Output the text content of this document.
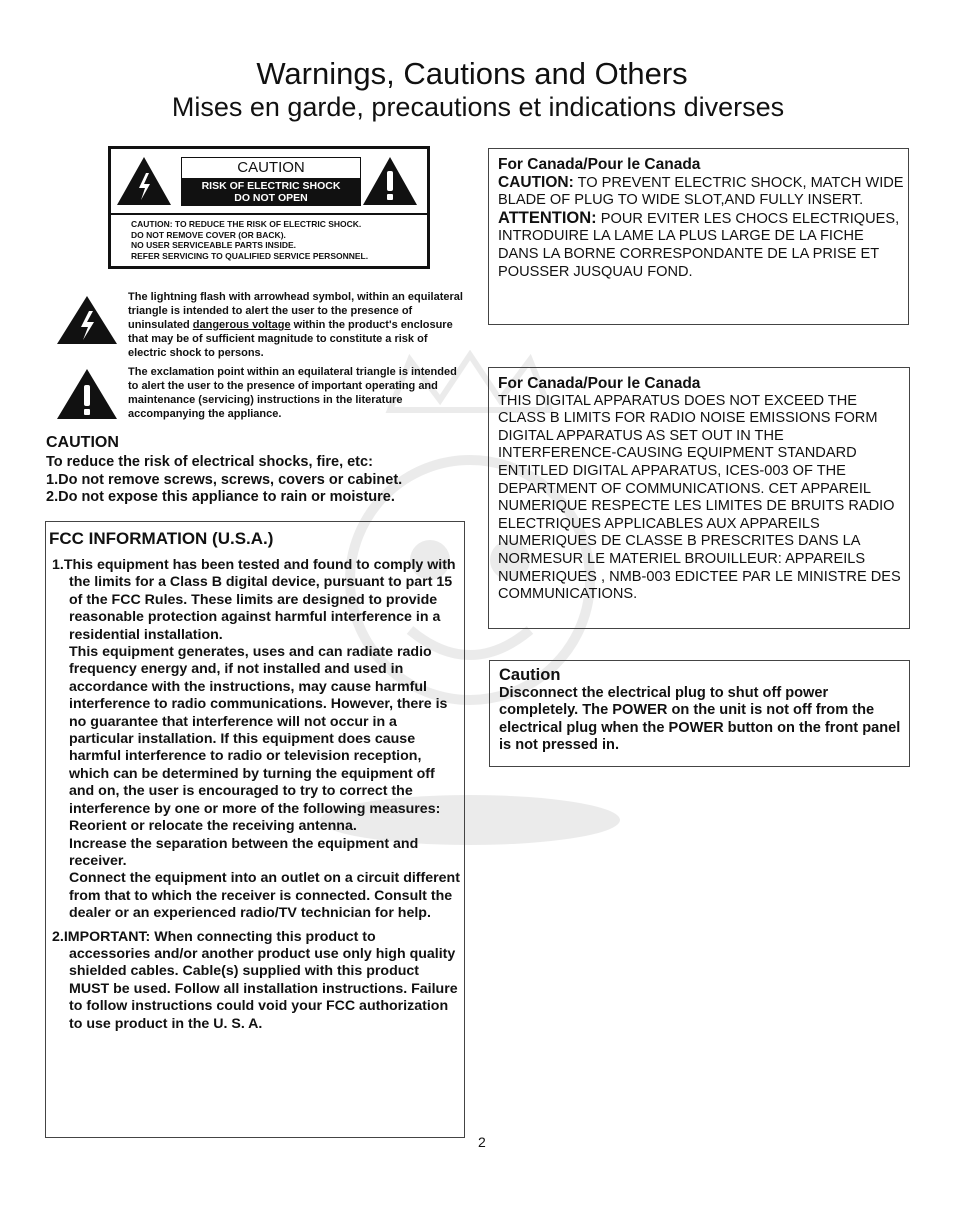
Warnings, Cautions and Others
Mises en garde, precautions et indications diverses
CAUTION
RISK OF ELECTRIC SHOCK
DO NOT OPEN
CAUTION: TO REDUCE THE RISK OF ELECTRIC SHOCK.
DO NOT REMOVE COVER (OR BACK).
NO USER SERVICEABLE PARTS INSIDE.
REFER SERVICING TO QUALIFIED SERVICE PERSONNEL.
The lightning flash with arrowhead symbol, within an equilateral triangle is intended to alert the user to the presence of uninsulated dangerous voltage within the product's enclosure that may be of sufficient magnitude to constitute a risk of electric shock to persons.
The exclamation point within an equilateral triangle is intended to alert the user to the presence of important operating and maintenance (servicing) instructions in the literature accompanying the appliance.
CAUTION
To reduce the risk of electrical shocks, fire, etc:
1.Do not remove screws, screws, covers or cabinet.
2.Do not expose this appliance to rain or moisture.
FCC INFORMATION (U.S.A.)

1.This equipment has been tested and found to comply with the limits for a Class B digital device, pursuant to part 15 of the FCC Rules. These limits are designed to provide reasonable protection against harmful interference in a residential installation.

This equipment generates, uses and can radiate radio frequency energy and, if not installed and used in accordance with the instructions, may cause harmful interference to radio communications. However, there is no guarantee that interference will not occur in a particular installation. If this equipment does cause harmful interference to radio or television reception, which can be determined by turning the equipment off and on, the user is encouraged to try to correct the interference by one or more of the following measures:

Reorient or relocate the receiving antenna.

Increase the separation between the equipment and receiver.

Connect the equipment into an outlet on a circuit different from that to which the receiver is connected. Consult the dealer or an experienced radio/TV technician for help.

2.IMPORTANT: When connecting this product to accessories and/or another product use only high quality shielded cables. Cable(s) supplied with this product MUST be used. Follow all installation instructions. Failure to follow instructions could void your FCC authorization to use product in the U. S. A.

For Canada/Pour le Canada
CAUTION: TO PREVENT ELECTRIC SHOCK, MATCH WIDE BLADE OF PLUG TO WIDE SLOT,AND FULLY INSERT.
ATTENTION: POUR EVITER LES CHOCS ELECTRIQUES, INTRODUIRE LA LAME LA PLUS LARGE DE LA FICHE DANS LA BORNE CORRESPONDANTE DE LA PRISE ET POUSSER JUSQUAU FOND.
For Canada/Pour le Canada
THIS DIGITAL APPARATUS DOES NOT EXCEED THE CLASS B LIMITS FOR RADIO NOISE EMISSIONS FORM DIGITAL APPARATUS AS SET OUT IN THE INTERFERENCE-CAUSING EQUIPMENT STANDARD ENTITLED DIGITAL APPARATUS, ICES-003 OF THE DEPARTMENT OF COMMUNICATIONS. CET APPAREIL NUMERIQUE RESPECTE LES LIMITES DE BRUITS RADIO ELECTRIQUES APPLICABLES AUX APPAREILS NUMERIQUES DE CLASSE B PRESCRITES DANS LA NORMESUR LE MATERIEL BROUILLEUR: APPAREILS NUMERIQUES , NMB-003 EDICTEE PAR LE MINISTRE DES COMMUNICATIONS.
Caution
Disconnect the electrical plug to shut off power completely. The POWER on the unit is not off from the electrical plug when the POWER button on the front panel is not pressed in.
2
